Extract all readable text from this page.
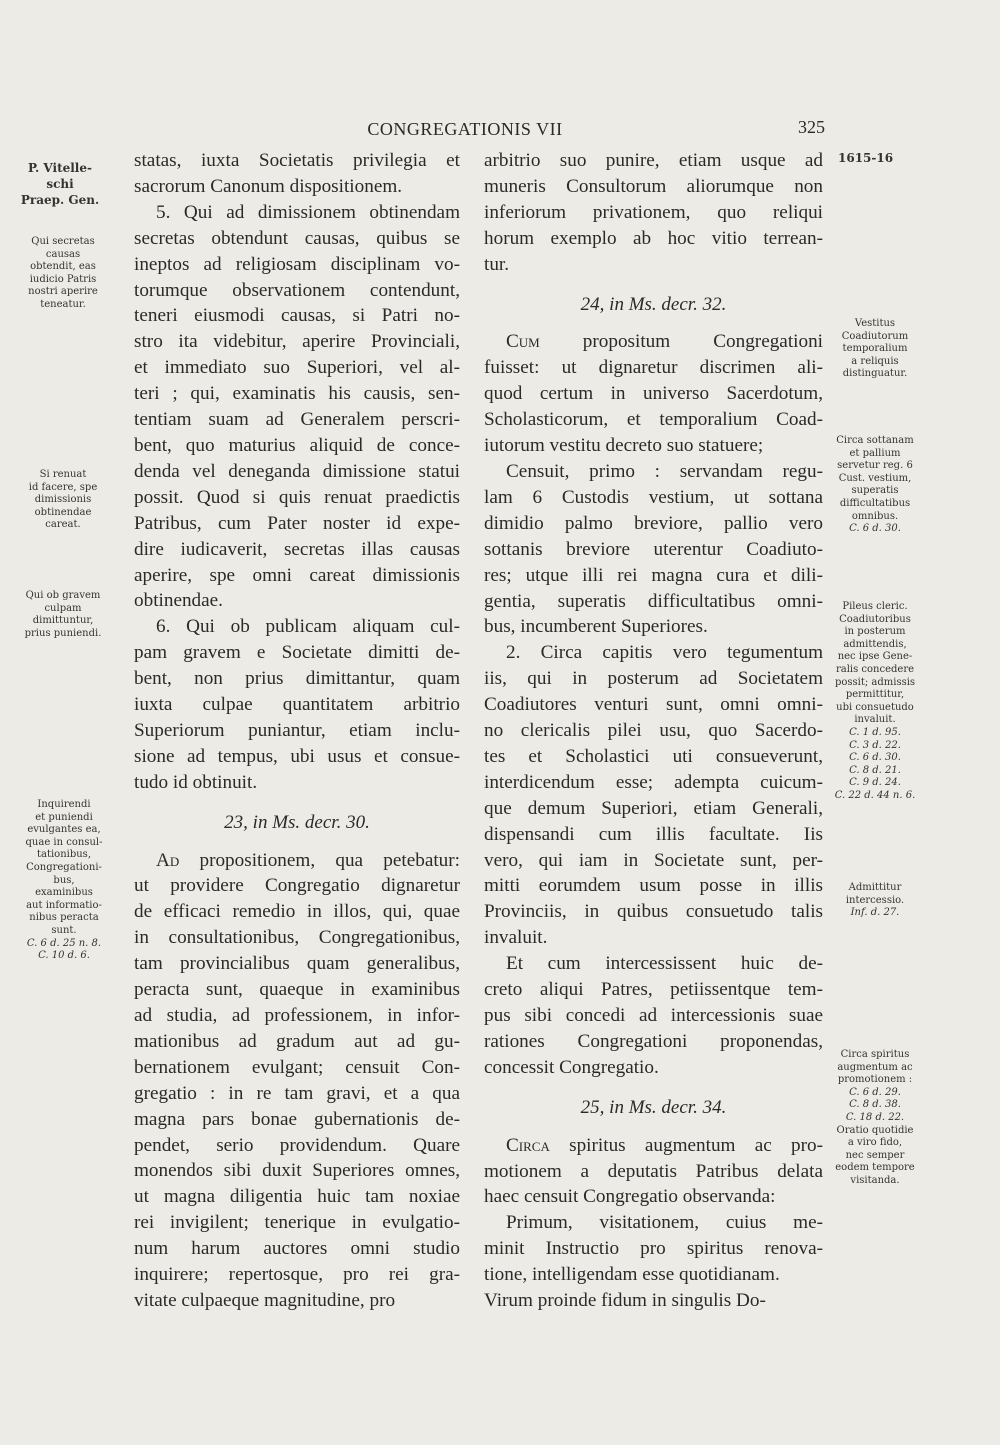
CONGREGATIONIS VII	325
P. Vitelle-
schi
Praep. Gen.
Qui secretas
causas
obtendit, eas
iudicio Patris
nostri aperire
teneatur.
Si renuat
id facere, spe
dimissionis
obtinendae
careat.
Qui ob gravem
culpam
dimittuntur,
prius puniendi.
Inquirendi
et puniendi
evulgantes ea,
quae in consul-
tationibus,
Congregationi-
bus,
examinibus
aut informatio-
nibus peracta
sunt.
C. 6 d. 25 n. 8.
C. 10 d. 6.
1615-16
Vestitus
Coadiutorum
temporalium
a reliquis
distinguatur.
Circa sottanam
et pallium
servetur reg. 6
Cust. vestium,
superatis
difficultatibus
omnibus.
C. 6 d. 30.
Pileus cleric.
Coadiutoribus
in posterum
admittendis,
nec ipse Gene-
ralis concedere
possit; admissis
permittitur,
ubi consuetudo
invaluit.
C. 1 d. 95.
C. 3 d. 22.
C. 6 d. 30.
C. 8 d. 21.
C. 9 d. 24.
C. 22 d. 44 n. 6.
Admittitur
intercessio.
Inf. d. 27.
Circa spiritus
augmentum ac
promotionem :
C. 6 d. 29.
C. 8 d. 38.
C. 18 d. 22.
Oratio quotidie
a viro fido,
nec semper
eodem tempore
visitanda.
statas, iuxta Societatis privilegia et
sacrorum Canonum dispositionem.
5. Qui ad dimissionem obtinendam
secretas obtendunt causas, quibus se
ineptos ad religiosam disciplinam vo-
torumque observationem contendunt,
teneri eiusmodi causas, si Patri no-
stro ita videbitur, aperire Provinciali,
et immediato suo Superiori, vel al-
teri ; qui, examinatis his causis, sen-
tentiam suam ad Generalem perscri-
bent, quo maturius aliquid de conce-
denda vel deneganda dimissione statui
possit. Quod si quis renuat praedictis
Patribus, cum Pater noster id expe-
dire iudicaverit, secretas illas causas
aperire, spe omni careat dimissionis
obtinendae.
6. Qui ob publicam aliquam cul-
pam gravem e Societate dimitti de-
bent, non prius dimittantur, quam
iuxta culpae quantitatem arbitrio
Superiorum puniantur, etiam inclu-
sione ad tempus, ubi usus et consue-
tudo id obtinuit.
23, in Ms. decr. 30.
Ad propositionem, qua petebatur:
ut providere Congregatio dignaretur
de efficaci remedio in illos, qui, quae
in consultationibus, Congregationibus,
tam provincialibus quam generalibus,
peracta sunt, quaeque in examinibus
ad studia, ad professionem, in infor-
mationibus ad gradum aut ad gu-
bernationem evulgant; censuit Con-
gregatio : in re tam gravi, et a qua
magna pars bonae gubernationis de-
pendet, serio providendum. Quare
monendos sibi duxit Superiores omnes,
ut magna diligentia huic tam noxiae
rei invigilent; tenerique in evulgatio-
num harum auctores omni studio
inquirere; repertosque, pro rei gra-
vitate culpaeque magnitudine, pro
arbitrio suo punire, etiam usque ad
muneris Consultorum aliorumque non
inferiorum privationem, quo reliqui
horum exemplo ab hoc vitio terrean-
tur.
24, in Ms. decr. 32.
Cum propositum Congregationi
fuisset: ut dignaretur discrimen ali-
quod certum in universo Sacerdotum,
Scholasticorum, et temporalium Coad-
iutorum vestitu decreto suo statuere;
Censuit, primo : servandam regu-
lam 6 Custodis vestium, ut sottana
dimidio palmo breviore, pallio vero
sottanis breviore uterentur Coadiuto-
res; utque illi rei magna cura et dili-
gentia, superatis difficultatibus omni-
bus, incumberent Superiores.
2. Circa capitis vero tegumentum
iis, qui in posterum ad Societatem
Coadiutores venturi sunt, omni omni-
no clericalis pilei usu, quo Sacerdo-
tes et Scholastici uti consueverunt,
interdicendum esse; adempta cuicum-
que demum Superiori, etiam Generali,
dispensandi cum illis facultate. Iis
vero, qui iam in Societate sunt, per-
mitti eorumdem usum posse in illis
Provinciis, in quibus consuetudo talis
invaluit.
Et cum intercessissent huic de-
creto aliqui Patres, petiissentque tem-
pus sibi concedi ad intercessionis suae
rationes Congregationi proponendas,
concessit Congregatio.
25, in Ms. decr. 34.
Circa spiritus augmentum ac pro-
motionem a deputatis Patribus delata
haec censuit Congregatio observanda:
Primum, visitationem, cuius me-
minit Instructio pro spiritus renova-
tione, intelligendam esse quotidianam.
Virum proinde fidum in singulis Do-
